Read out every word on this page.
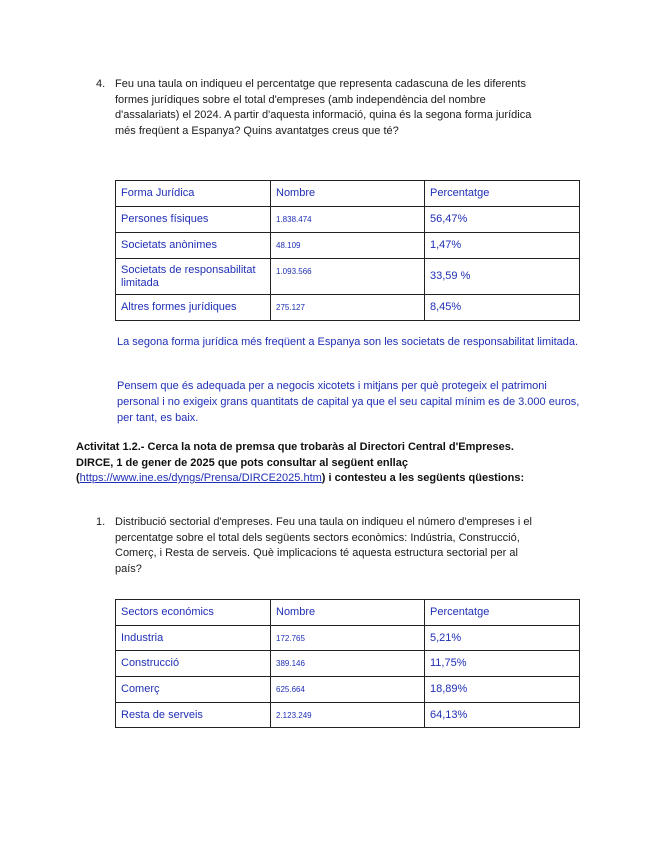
4. Feu una taula on indiqueu el percentatge que representa cadascuna de les diferents
formes jurídiques sobre el total d'empreses (amb independència del nombre
d'assalariats) el 2024. A partir d'aquesta informació, quina és la segona forma jurídica
més freqüent a Espanya? Quins avantatges creus que té?
Forma Jurídica	Nombre	Percentatge
Persones físiques	1.838.474	56,47%
Societats anònimes	48.109	1,47%
Societats de responsabilitat limitada	1.093.566	33,59 %
Altres formes jurídiques	275.127	8,45%
La segona forma jurídica més freqüent a Espanya son les societats de responsabilitat limitada.
Pensem que és adequada per a negocis xicotets i mitjans per què protegeix el patrimoni personal i no exigeix grans quantitats de capital ya que el seu capital mínim es de 3.000 euros, per tant, es baix.
Activitat 1.2.- Cerca la nota de premsa que trobaràs al Directori Central d'Empreses.
DIRCE, 1 de gener de 2025 que pots consultar al següent enllaç
(https://www.ine.es/dyngs/Prensa/DIRCE2025.htm) i contesteu a les següents qüestions:
1. Distribució sectorial d'empreses. Feu una taula on indiqueu el número d'empreses i el
percentatge sobre el total dels següents sectors econòmics: Indústria, Construcció,
Comerç, i Resta de serveis. Què implicacions té aquesta estructura sectorial per al
país?
Sectors económics	Nombre	Percentatge
Industria	172.765	5,21%
Construcció	389.146	11,75%
Comerç	625.664	18,89%
Resta de serveis	2.123.249	64,13%
